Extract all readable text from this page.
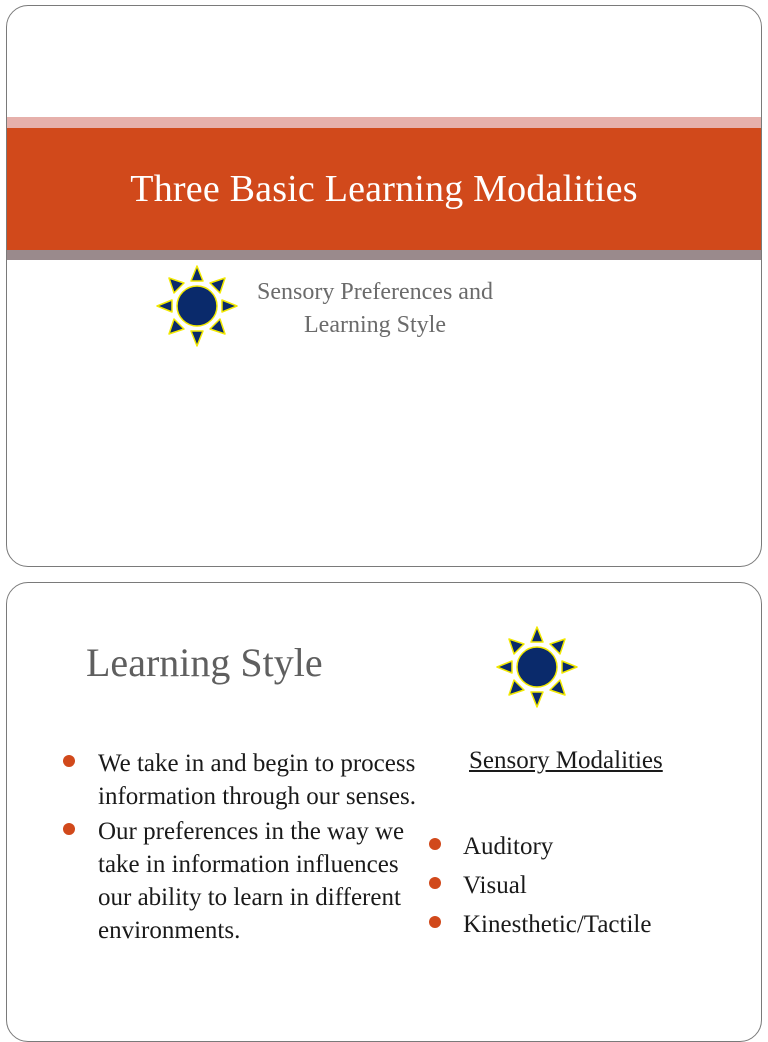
Three Basic Learning Modalities
Sensory Preferences and
Learning Style
Learning Style
We take in and begin to process information through our senses.
Our preferences in the way we take in information influences our ability to learn in different environments.
Sensory Modalities
Auditory
Visual
Kinesthetic/Tactile
